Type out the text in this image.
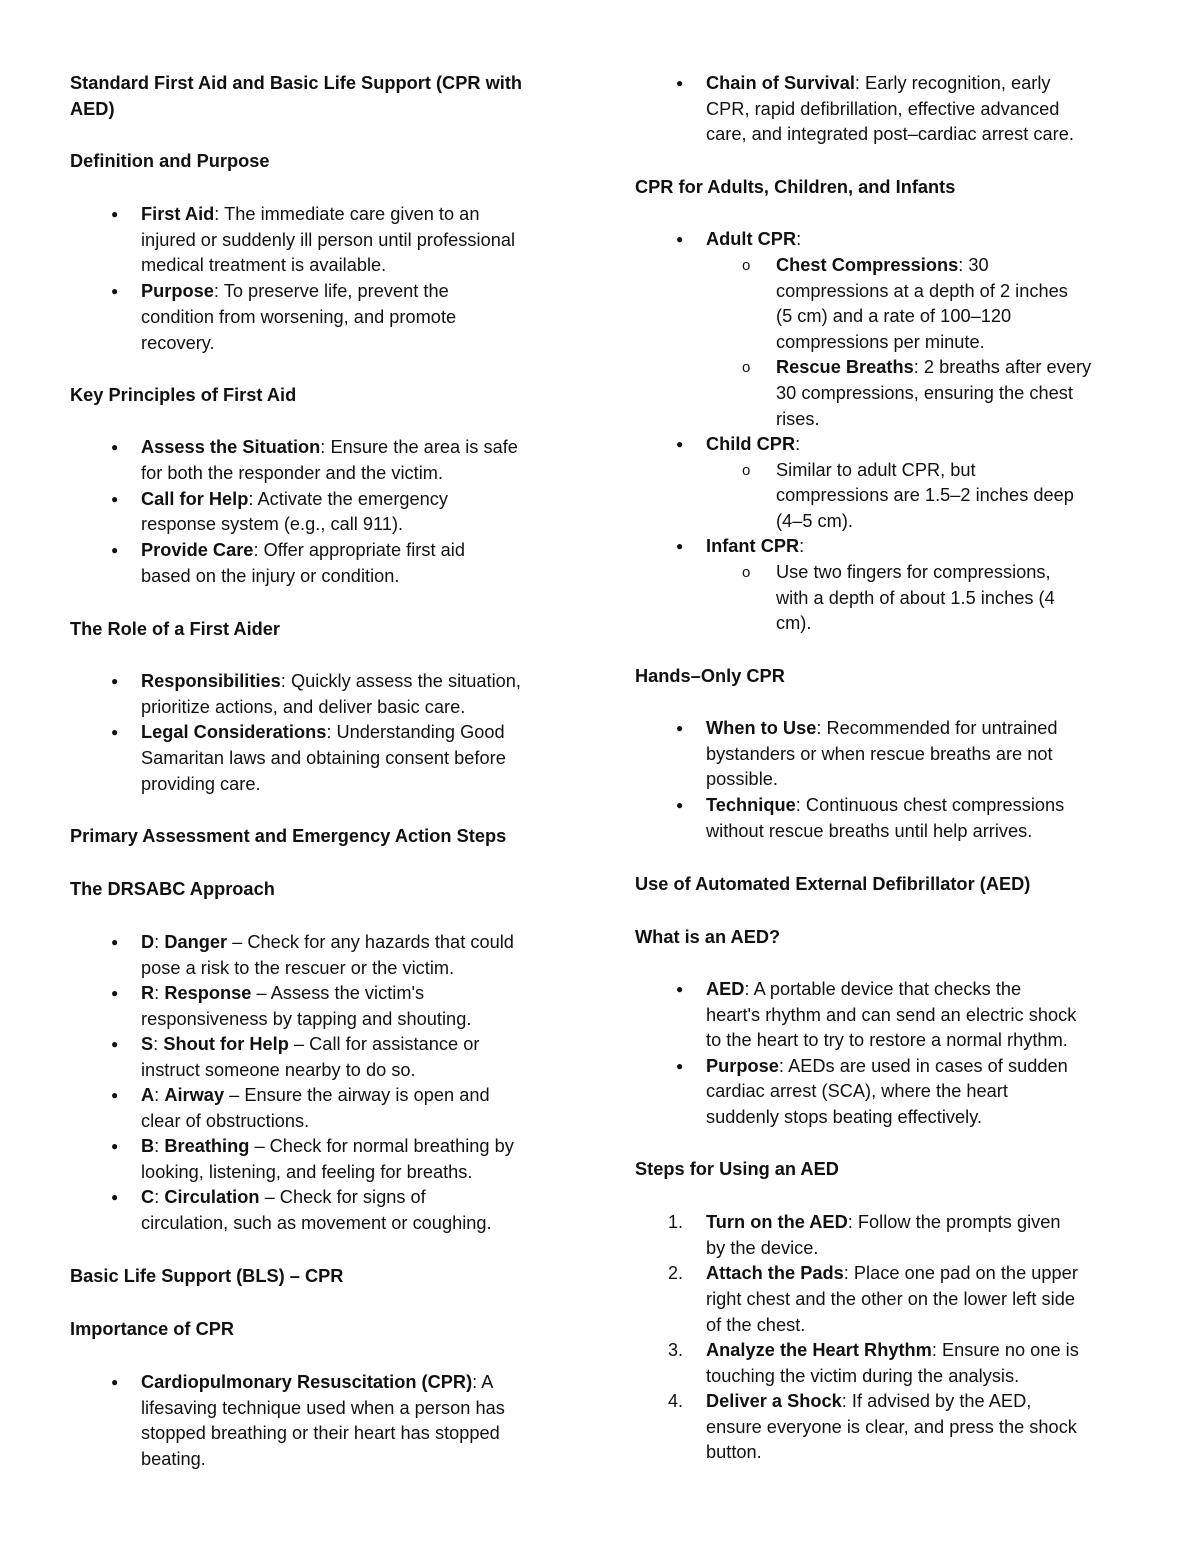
Standard First Aid and Basic Life Support (CPR with

AED)

Definition and Purpose

●

First Aid: The immediate care given to an

injured or suddenly ill person until professional

medical treatment is available.

●

Purpose: To preserve life, prevent the

condition from worsening, and promote

recovery.

Key Principles of First Aid

●

Assess the Situation: Ensure the area is safe

for both the responder and the victim.

●

Call for Help: Activate the emergency

response system (e.g., call 911).

●

Provide Care: Offer appropriate first aid

based on the injury or condition.

The Role of a First Aider

●

Responsibilities: Quickly assess the situation,

prioritize actions, and deliver basic care.

●

Legal Considerations: Understanding Good

Samaritan laws and obtaining consent before

providing care.

Primary Assessment and Emergency Action Steps

The DRSABC Approach

●

D: Danger – Check for any hazards that could

pose a risk to the rescuer or the victim.

●

R: Response – Assess the victim's

responsiveness by tapping and shouting.

●

S: Shout for Help – Call for assistance or

instruct someone nearby to do so.

●

A: Airway – Ensure the airway is open and

clear of obstructions.

●

B: Breathing – Check for normal breathing by

looking, listening, and feeling for breaths.

●

C: Circulation – Check for signs of

circulation, such as movement or coughing.

Basic Life Support (BLS) – CPR

Importance of CPR

●

Cardiopulmonary Resuscitation (CPR): A

lifesaving technique used when a person has

stopped breathing or their heart has stopped

beating.

●

Chain of Survival: Early recognition, early

CPR, rapid defibrillation, effective advanced

care, and integrated post–cardiac arrest care.

CPR for Adults, Children, and Infants

●

Adult CPR:

o Chest Compressions: 30

compressions at a depth of 2 inches

(5 cm) and a rate of 100–120

compressions per minute.

o Rescue Breaths: 2 breaths after every

30 compressions, ensuring the chest

rises.

●

Child CPR:

o Similar to adult CPR, but

compressions are 1.5–2 inches deep

(4–5 cm).

●

Infant CPR:

o Use two fingers for compressions,

with a depth of about 1.5 inches (4

cm).

Hands–Only CPR

●

When to Use: Recommended for untrained

bystanders or when rescue breaths are not

possible.

●

Technique: Continuous chest compressions

without rescue breaths until help arrives.

Use of Automated External Defibrillator (AED)

What is an AED?

●

AED: A portable device that checks the

heart's rhythm and can send an electric shock

to the heart to try to restore a normal rhythm.

●

Purpose: AEDs are used in cases of sudden

cardiac arrest (SCA), where the heart

suddenly stops beating effectively.

Steps for Using an AED

1. Turn on the AED: Follow the prompts given

by the device.

2. Attach the Pads: Place one pad on the upper

right chest and the other on the lower left side

of the chest.

3. Analyze the Heart Rhythm: Ensure no one is

touching the victim during the analysis.

4. Deliver a Shock: If advised by the AED,

ensure everyone is clear, and press the shock

button.
